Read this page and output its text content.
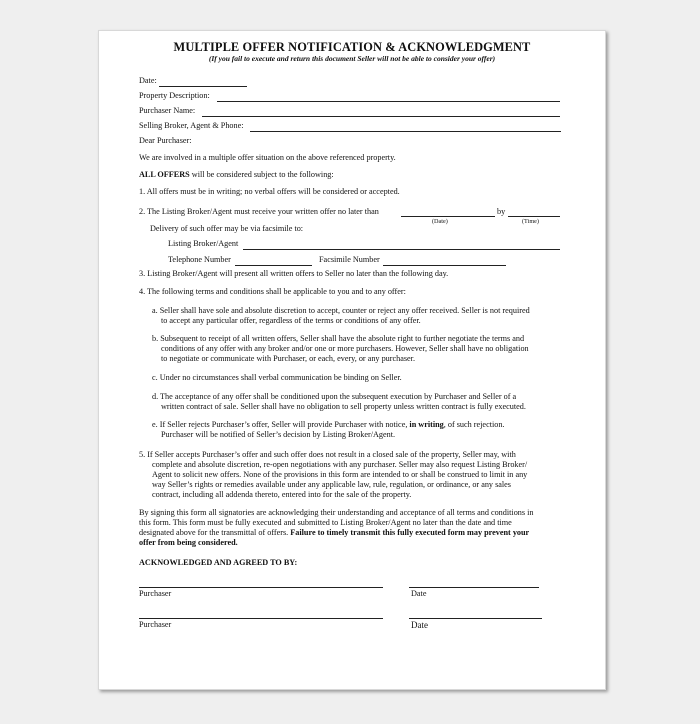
MULTIPLE OFFER NOTIFICATION & ACKNOWLEDGMENT
(If you fail to execute and return this document Seller will not be able to consider your offer)
Date:
Property Description:
Purchaser Name:
Selling Broker, Agent & Phone:
Dear Purchaser:
We are involved in a multiple offer situation on the above referenced property.
ALL OFFERS will be considered subject to the following:
1. All offers must be in writing; no verbal offers will be considered or accepted.
2. The Listing Broker/Agent must receive your written offer no later than	by
(Date)	(Time)
Delivery of such offer may be via facsimile to:
Listing Broker/Agent
Telephone Number	Facsimile Number
3. Listing Broker/Agent will present all written offers to Seller no later than the following day.
4. The following terms and conditions shall be applicable to you and to any offer:
a. Seller shall have sole and absolute discretion to accept, counter or reject any offer received. Seller is not required
to accept any particular offer, regardless of the terms or conditions of any offer.
b. Subsequent to receipt of all written offers, Seller shall have the absolute right to further negotiate the terms and
conditions of any offer with any broker and/or one or more purchasers. However, Seller shall have no obligation
to negotiate or communicate with Purchaser, or each, every, or any purchaser.
c. Under no circumstances shall verbal communication be binding on Seller.
d. The acceptance of any offer shall be conditioned upon the subsequent execution by Purchaser and Seller of a
written contract of sale. Seller shall have no obligation to sell property unless written contract is fully executed.
e. If Seller rejects Purchaser’s offer, Seller will provide Purchaser with notice, in writing, of such rejection.
Purchaser will be notified of Seller’s decision by Listing Broker/Agent.
5. If Seller accepts Purchaser’s offer and such offer does not result in a closed sale of the property, Seller may, with
complete and absolute discretion, re-open negotiations with any purchaser. Seller may also request Listing Broker/
Agent to solicit new offers. None of the provisions in this form are intended to or shall be construed to limit in any
way Seller’s rights or remedies available under any applicable law, rule, regulation, or ordinance, or any sales
contract, including all addenda thereto, entered into for the sale of the property.
By signing this form all signatories are acknowledging their understanding and acceptance of all terms and conditions in
this form. This form must be fully executed and submitted to Listing Broker/Agent no later than the date and time
designated above for the transmittal of offers. Failure to timely transmit this fully executed form may prevent your
offer from being considered.
ACKNOWLEDGED AND AGREED TO BY:
Purchaser	Date
Purchaser	Date
